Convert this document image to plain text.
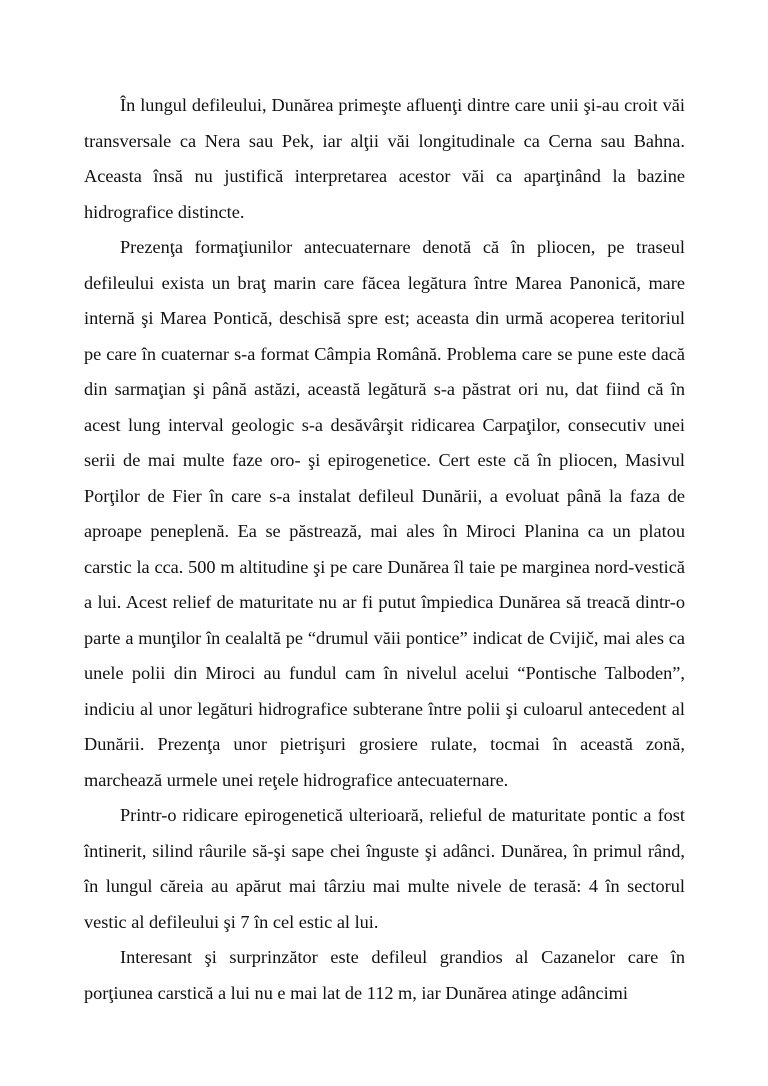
În lungul defileului, Dunărea primeşte afluenţi dintre care unii şi-au croit văi transversale ca Nera sau Pek, iar alţii văi longitudinale ca Cerna sau Bahna. Aceasta însă nu justifică interpretarea acestor văi ca aparţinând la bazine hidrografice distincte.

Prezenţa formaţiunilor antecuaternare denotă că în pliocen, pe traseul defileului exista un braţ marin care făcea legătura între Marea Panonică, mare internă şi Marea Pontică, deschisă spre est; aceasta din urmă acoperea teritoriul pe care în cuaternar s-a format Câmpia Română. Problema care se pune este dacă din sarmaţian şi până astăzi, această legătură s-a păstrat ori nu, dat fiind că în acest lung interval geologic s-a desăvârşit ridicarea Carpaţilor, consecutiv unei serii de mai multe faze oro- şi epirogenetice. Cert este că în pliocen, Masivul Porţilor de Fier în care s-a instalat defileul Dunării, a evoluat până la faza de aproape peneplenă. Ea se păstrează, mai ales în Miroci Planina ca un platou carstic la cca. 500 m altitudine şi pe care Dunărea îl taie pe marginea nord-vestică a lui. Acest relief de maturitate nu ar fi putut împiedica Dunărea să treacă dintr-o parte a munţilor în cealaltă pe “drumul văii pontice” indicat de Cvijič, mai ales ca unele polii din Miroci au fundul cam în nivelul acelui “Pontische Talboden”, indiciu al unor legături hidrografice subterane între polii şi culoarul antecedent al Dunării. Prezenţa unor pietrişuri grosiere rulate, tocmai în această zonă, marchează urmele unei reţele hidrografice antecuaternare.

Printr-o ridicare epirogenetică ulterioară, relieful de maturitate pontic a fost întinerit, silind râurile să-şi sape chei înguste şi adânci. Dunărea, în primul rând, în lungul căreia au apărut mai târziu mai multe nivele de terasă: 4 în sectorul vestic al defileului şi 7 în cel estic al lui.

Interesant şi surprinzător este defileul grandios al Cazanelor care în porţiunea carstică a lui nu e mai lat de 112 m, iar Dunărea atinge adâncimi
